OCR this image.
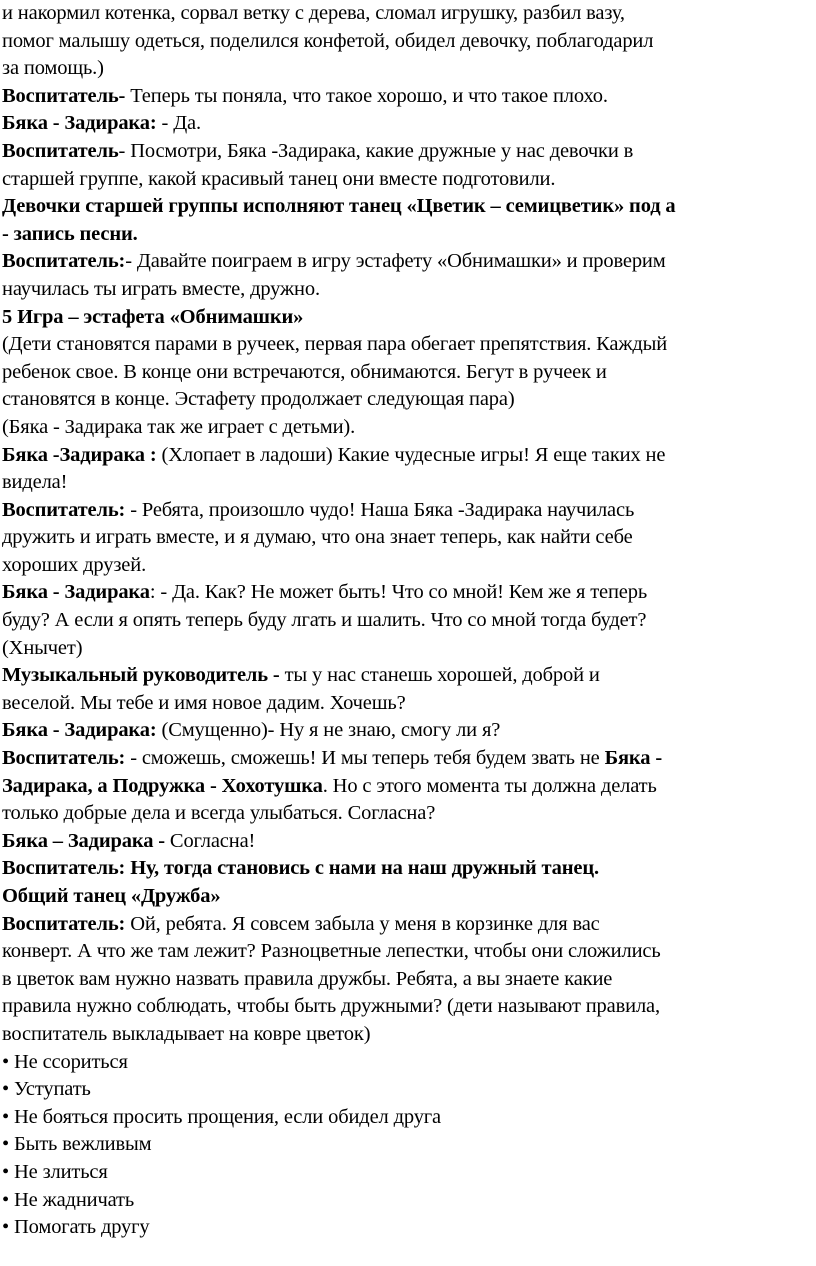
и накормил котенка, сорвал ветку с дерева, сломал игрушку, разбил вазу,
помог малышу одеться, поделился конфетой, обидел девочку, поблагодарил
за помощь.)
Воспитатель- Теперь ты поняла, что такое хорошо, и что такое плохо.
Бяка - Задирака: - Да.
Воспитатель- Посмотри, Бяка -Задирака, какие дружные у нас девочки в
старшей группе, какой красивый танец они вместе подготовили.
Девочки старшей группы исполняют танец «Цветик – семицветик» под а
- запись песни.
Воспитатель:- Давайте поиграем в игру эстафету «Обнимашки» и проверим
научилась ты играть вместе, дружно.
5 Игра – эстафета «Обнимашки»
(Дети становятся парами в ручеек, первая пара обегает препятствия. Каждый
ребенок свое. В конце они встречаются, обнимаются. Бегут в ручеек и
становятся в конце. Эстафету продолжает следующая пара)
(Бяка - Задирака так же играет с детьми).
Бяка -Задирака : (Хлопает в ладоши) Какие чудесные игры! Я еще таких не
видела!
Воспитатель: - Ребята, произошло чудо! Наша Бяка -Задирака научилась
дружить и играть вместе, и я думаю, что она знает теперь, как найти себе
хороших друзей.
Бяка - Задирака: - Да. Как? Не может быть! Что со мной! Кем же я теперь
буду? А если я опять теперь буду лгать и шалить. Что со мной тогда будет?
(Хнычет)
Музыкальный руководитель - ты у нас станешь хорошей, доброй и
веселой. Мы тебе и имя новое дадим. Хочешь?
Бяка - Задирака: (Смущенно)- Ну я не знаю, смогу ли я?
Воспитатель: - сможешь, сможешь! И мы теперь тебя будем звать не Бяка -
Задирака, а Подружка - Хохотушка. Но с этого момента ты должна делать
только добрые дела и всегда улыбаться. Согласна?
Бяка – Задирака - Согласна!
Воспитатель: Ну, тогда становись с нами на наш дружный танец.
Общий танец «Дружба»
Воспитатель: Ой, ребята. Я совсем забыла у меня в корзинке для вас
конверт. А что же там лежит? Разноцветные лепестки, чтобы они сложились
в цветок вам нужно назвать правила дружбы. Ребята, а вы знаете какие
правила нужно соблюдать, чтобы быть дружными? (дети называют правила,
воспитатель выкладывает на ковре цветок)
• Не ссориться
• Уступать
• Не бояться просить прощения, если обидел друга
• Быть вежливым
• Не злиться
• Не жадничать
• Помогать другу
